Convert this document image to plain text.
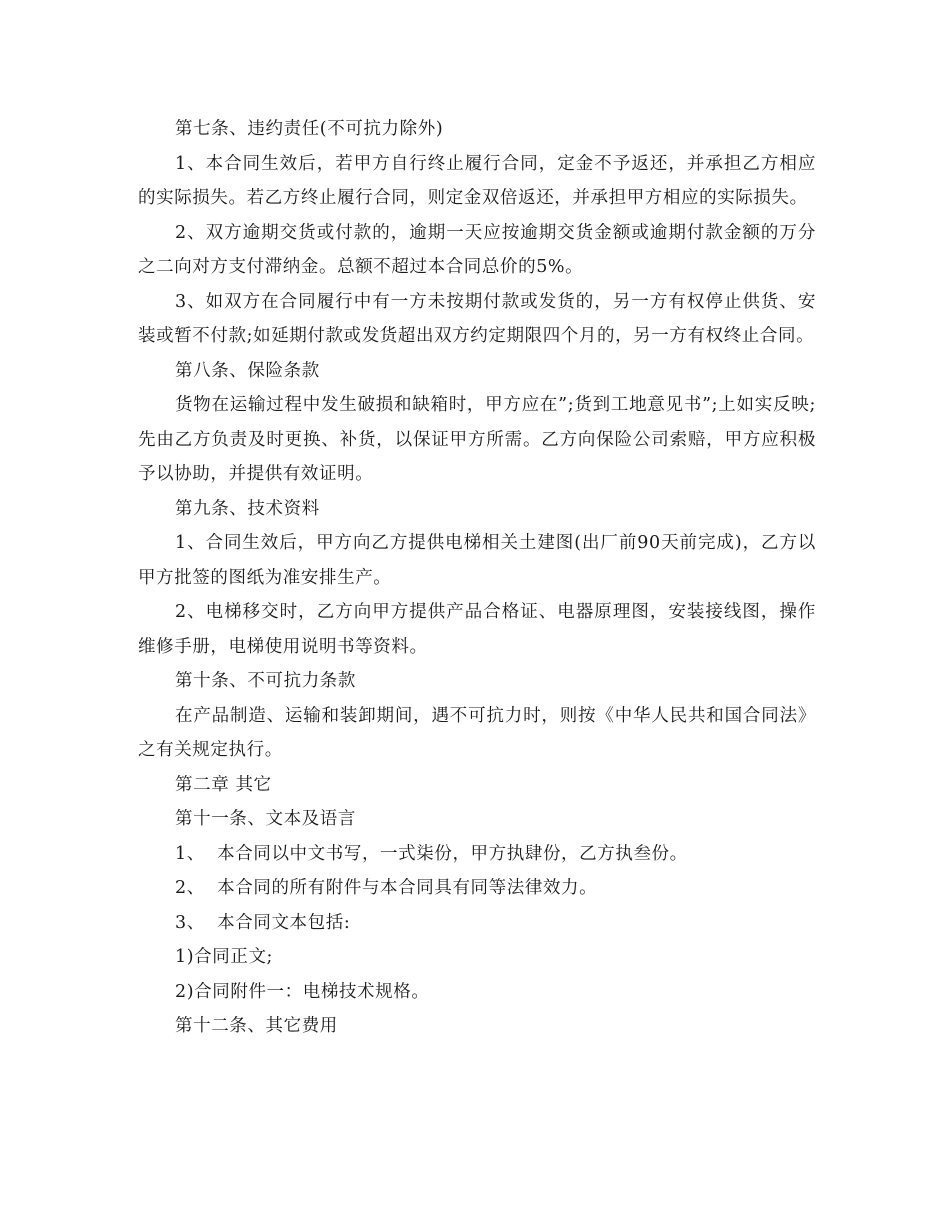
第七条、违约责任(不可抗力除外)

1、本合同生效后，若甲方自行终止履行合同，定金不予返还，并承担乙方相应的实际损失。若乙方终止履行合同，则定金双倍返还，并承担甲方相应的实际损失。

2、双方逾期交货或付款的，逾期一天应按逾期交货金额或逾期付款金额的万分之二向对方支付滞纳金。总额不超过本合同总价的5%。

3、如双方在合同履行中有一方未按期付款或发货的，另一方有权停止供货、安装或暂不付款;如延期付款或发货超出双方约定期限四个月的，另一方有权终止合同。

第八条、保险条款

货物在运输过程中发生破损和缺箱时，甲方应在”;货到工地意见书”;上如实反映;先由乙方负责及时更换、补货，以保证甲方所需。乙方向保险公司索赔，甲方应积极予以协助，并提供有效证明。

第九条、技术资料

1、合同生效后，甲方向乙方提供电梯相关土建图(出厂前90天前完成)，乙方以甲方批签的图纸为准安排生产。

2、电梯移交时，乙方向甲方提供产品合格证、电器原理图，安装接线图，操作维修手册，电梯使用说明书等资料。

第十条、不可抗力条款

在产品制造、运输和装卸期间，遇不可抗力时，则按《中华人民共和国合同法》之有关规定执行。

第二章 其它

第十一条、文本及语言

1、  本合同以中文书写，一式柒份，甲方执肆份，乙方执叁份。

2、  本合同的所有附件与本合同具有同等法律效力。

3、  本合同文本包括:

1)合同正文;

2)合同附件一：电梯技术规格。

第十二条、其它费用
